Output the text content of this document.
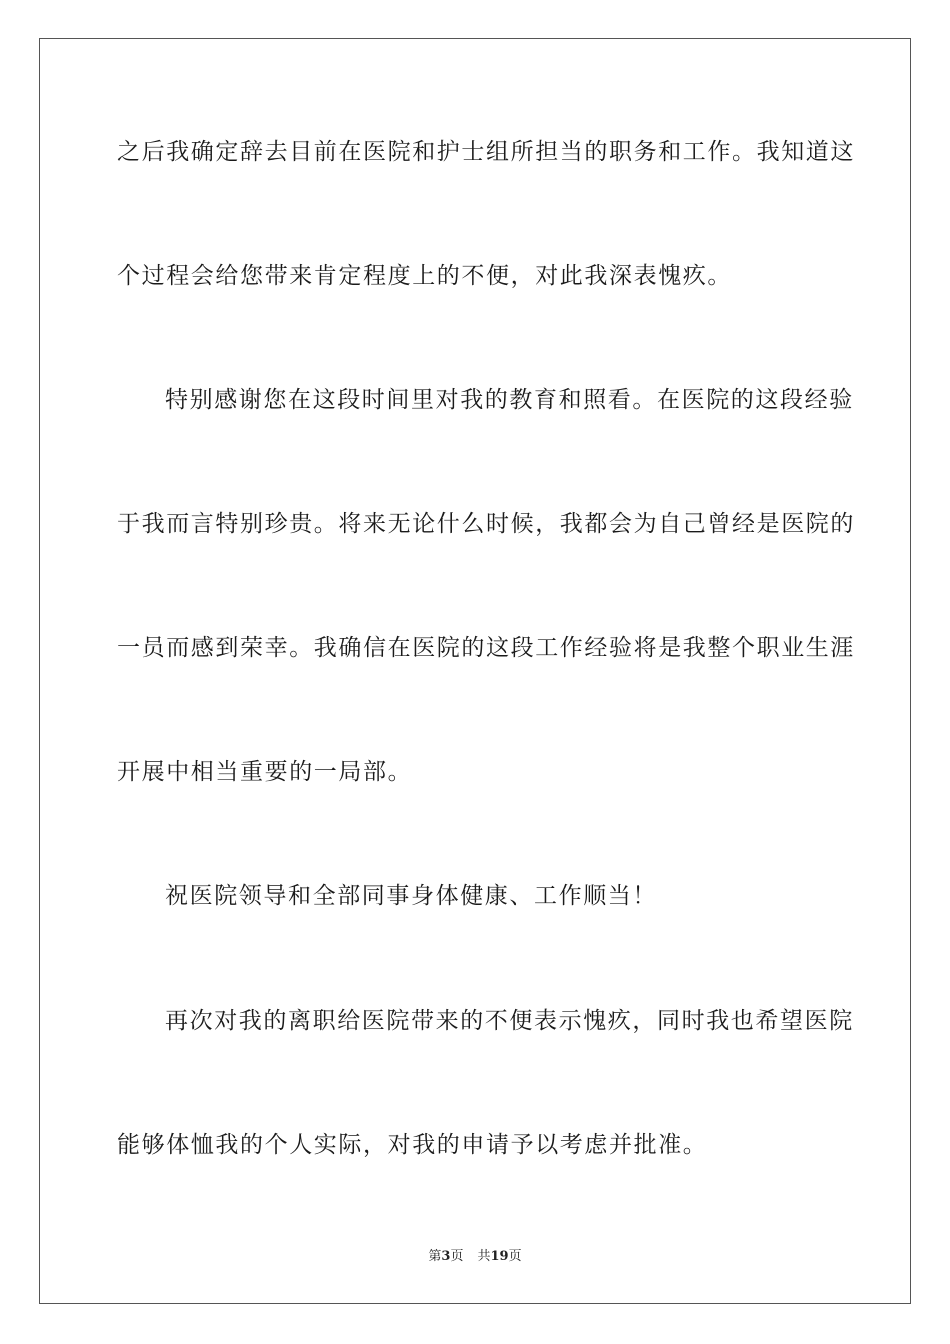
之后我确定辞去目前在医院和护士组所担当的职务和工作。我知道这
个过程会给您带来肯定程度上的不便，对此我深表愧疚。
特别感谢您在这段时间里对我的教育和照看。在医院的这段经验
于我而言特别珍贵。将来无论什么时候，我都会为自己曾经是医院的
一员而感到荣幸。我确信在医院的这段工作经验将是我整个职业生涯
开展中相当重要的一局部。
祝医院领导和全部同事身体健康、工作顺当！
再次对我的离职给医院带来的不便表示愧疚，同时我也希望医院
能够体恤我的个人实际，对我的申请予以考虑并批准。
第3页 共19页
